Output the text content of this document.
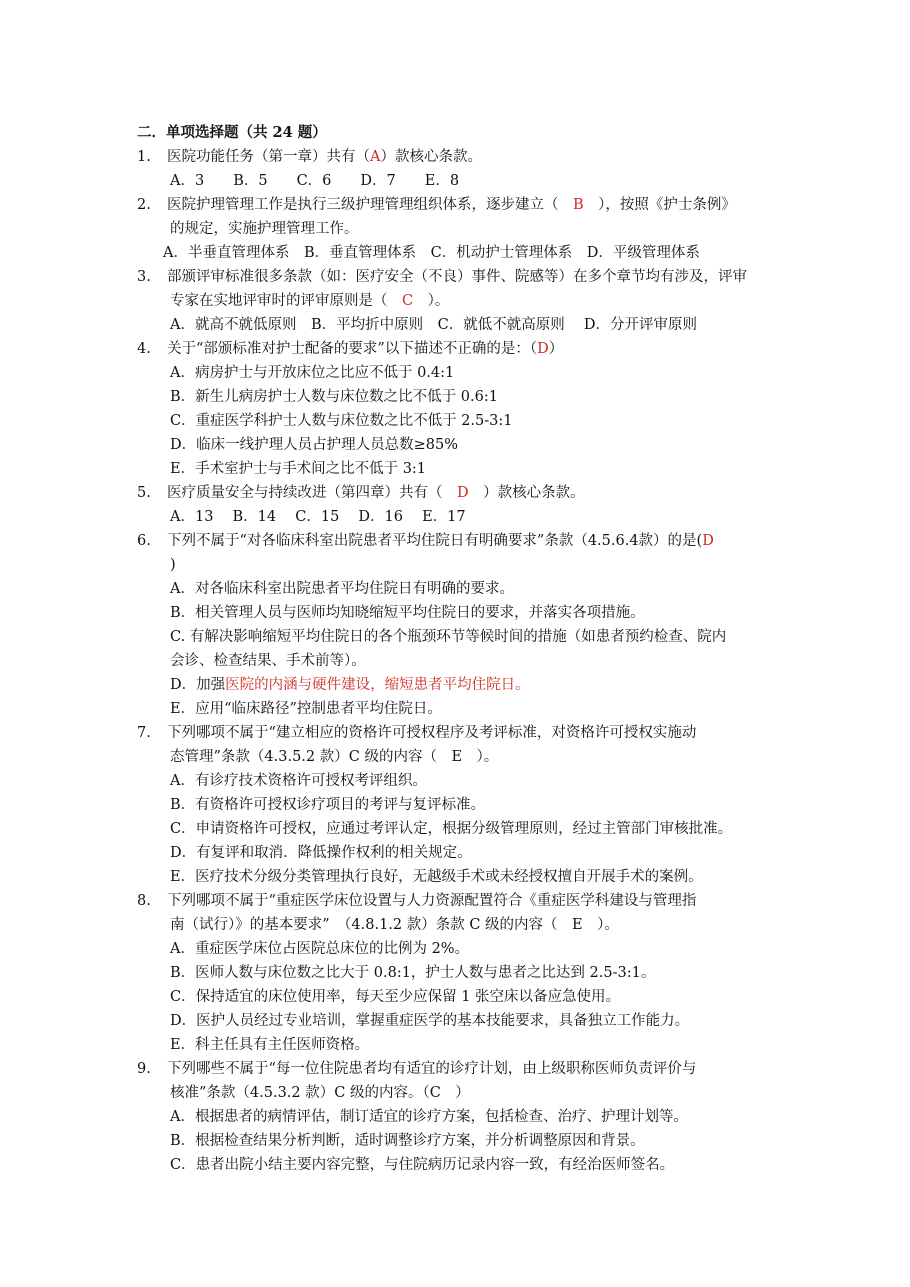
二．单项选择题（共 24 题）
1. 医院功能任务（第一章）共有（A）款核心条款。
A．3　　B．5　　C．6　　D．7　　E．8
2. 医院护理管理工作是执行三级护理管理组织体系，逐步建立（　B　），按照《护士条例》
的规定，实施护理管理工作。
A．半垂直管理体系　B．垂直管理体系　C．机动护士管理体系　D．平级管理体系
3. 部颁评审标准很多条款（如：医疗安全（不良）事件、院感等）在多个章节均有涉及，评审
专家在实地评审时的评审原则是（　C　）。
A．就高不就低原则　B．平均折中原则　C．就低不就高原则　 D．分开评审原则
4. 关于“部颁标准对护士配备的要求”以下描述不正确的是：（D）
A．病房护士与开放床位之比应不低于 0.4:1
B．新生儿病房护士人数与床位数之比不低于 0.6:1
C．重症医学科护士人数与床位数之比不低于 2.5-3:1
D．临床一线护理人员占护理人员总数≥85%
E．手术室护士与手术间之比不低于 3:1
5. 医疗质量安全与持续改进（第四章）共有（　D　）款核心条款。
A．13　 B．14　 C．15　 D．16　 E．17
6. 下列不属于“对各临床科室出院患者平均住院日有明确要求”条款（4.5.6.4款）的是(D
)
A．对各临床科室出院患者平均住院日有明确的要求。
B．相关管理人员与医师均知晓缩短平均住院日的要求，并落实各项措施。
C. 有解决影响缩短平均住院日的各个瓶颈环节等候时间的措施（如患者预约检查、院内
会诊、检查结果、手术前等）。
D．加强医院的内涵与硬件建设，缩短患者平均住院日。
E．应用“临床路径”控制患者平均住院日。
7. 下列哪项不属于“建立相应的资格许可授权程序及考评标准，对资格许可授权实施动
态管理”条款（4.3.5.2 款）C 级的内容（　E　）。
A．有诊疗技术资格许可授权考评组织。
B．有资格许可授权诊疗项目的考评与复评标准。
C．申请资格许可授权，应通过考评认定，根据分级管理原则，经过主管部门审核批准。
D．有复评和取消．降低操作权利的相关规定。
E．医疗技术分级分类管理执行良好，无越级手术或未经授权擅自开展手术的案例。
8. 下列哪项不属于“重症医学床位设置与人力资源配置符合《重症医学科建设与管理指
南（试行）》的基本要求”　（4.8.1.2 款）条款 C 级的内容（　E　）。
A．重症医学床位占医院总床位的比例为 2%。
B．医师人数与床位数之比大于 0.8:1，护士人数与患者之比达到 2.5-3:1。
C．保持适宜的床位使用率，每天至少应保留 1 张空床以备应急使用。
D．医护人员经过专业培训，掌握重症医学的基本技能要求，具备独立工作能力。
E．科主任具有主任医师资格。
9. 下列哪些不属于“每一位住院患者均有适宜的诊疗计划，由上级职称医师负责评价与
核准”条款（4.5.3.2 款）C 级的内容。（C　）
A．根据患者的病情评估，制订适宜的诊疗方案，包括检查、治疗、护理计划等。
B．根据检查结果分析判断，适时调整诊疗方案，并分析调整原因和背景。
C．患者出院小结主要内容完整，与住院病历记录内容一致，有经治医师签名。
